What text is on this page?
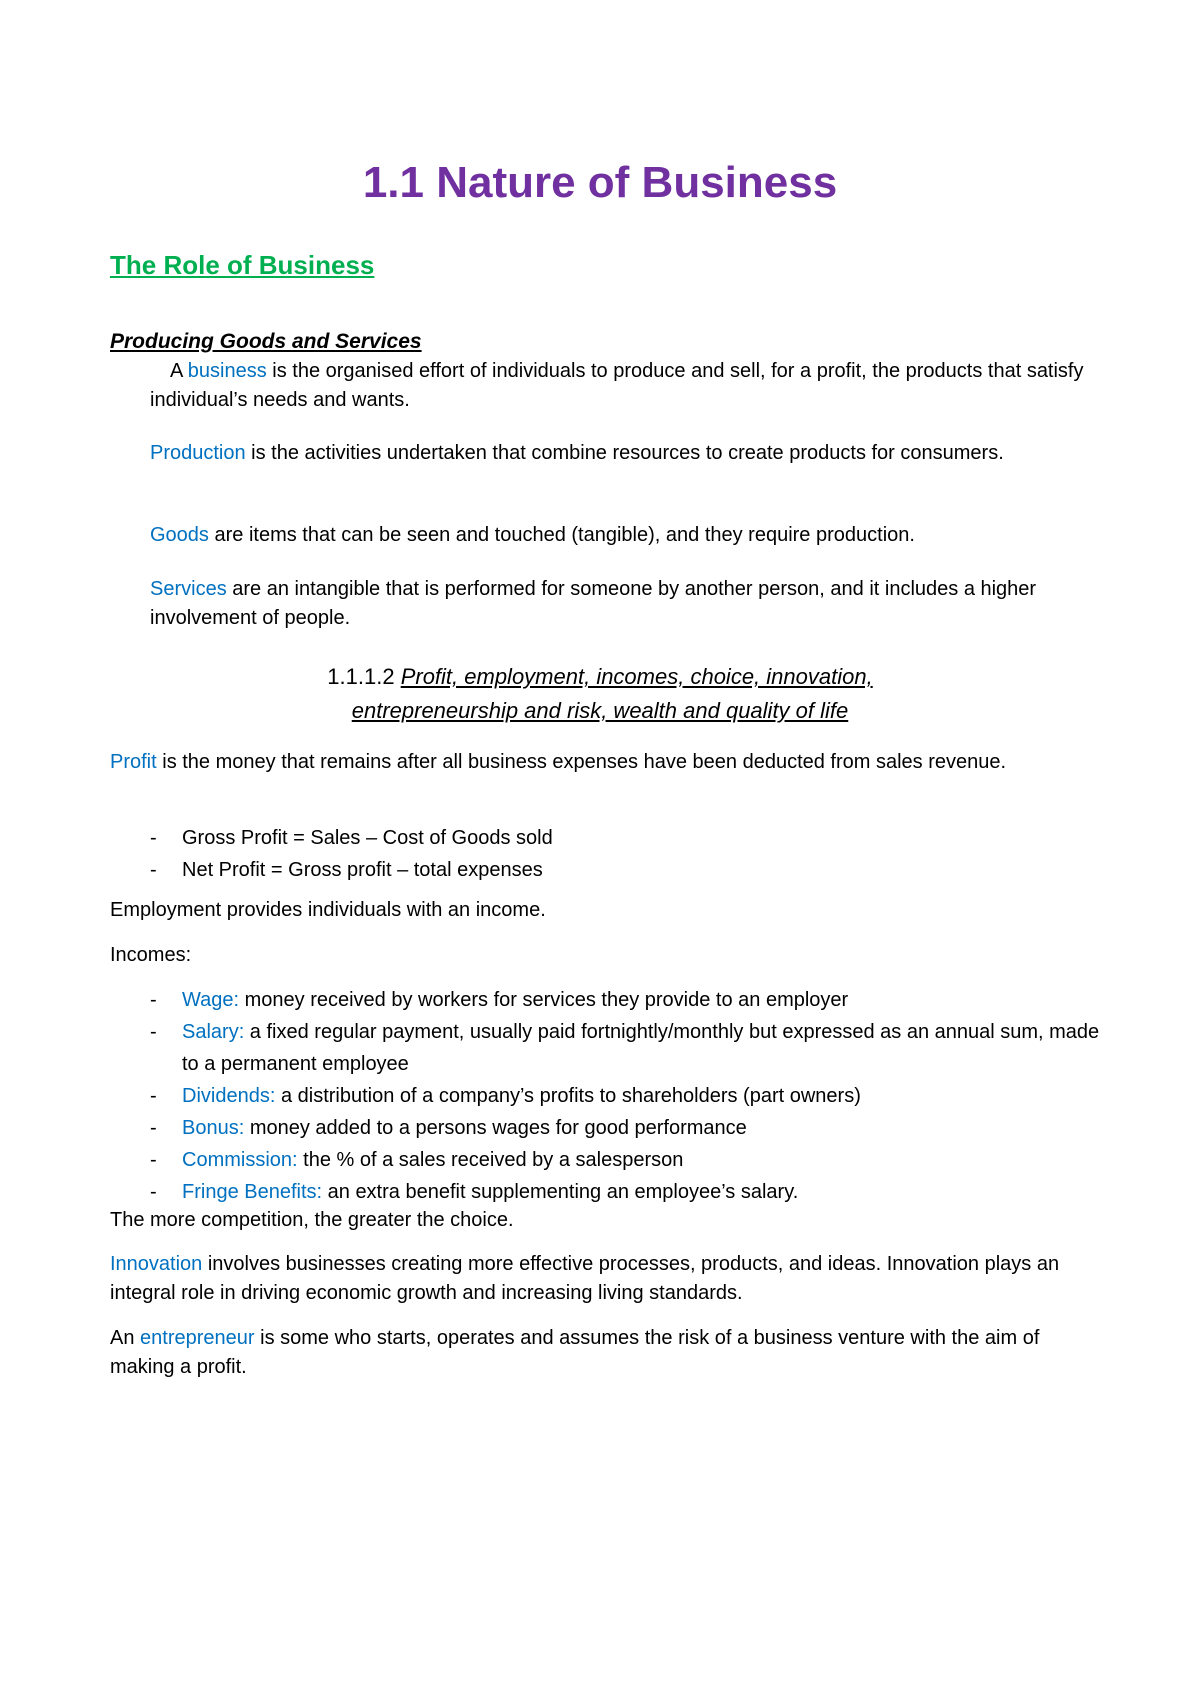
1.1 Nature of Business
The Role of Business
Producing Goods and Services

A business is the organised effort of individuals to produce and sell, for a profit, the products that satisfy individual’s needs and wants.

Production is the activities undertaken that combine resources to create products for consumers.

Goods are items that can be seen and touched (tangible), and they require production.

Services are an intangible that is performed for someone by another person, and it includes a higher involvement of people.

1.1.1.2 Profit, employment, incomes, choice, innovation,
entrepreneurship and risk, wealth and quality of life

Profit is the money that remains after all business expenses have been deducted from sales revenue.

- Gross Profit = Sales – Cost of Goods sold
- Net Profit = Gross profit – total expenses

Employment provides individuals with an income.

Incomes:

- Wage: money received by workers for services they provide to an employer
- Salary: a fixed regular payment, usually paid fortnightly/monthly but expressed as an annual sum, made to a permanent employee
- Dividends: a distribution of a company’s profits to shareholders (part owners)
- Bonus: money added to a persons wages for good performance
- Commission: the % of a sales received by a salesperson
- Fringe Benefits: an extra benefit supplementing an employee’s salary.

The more competition, the greater the choice.

Innovation involves businesses creating more effective processes, products, and ideas. Innovation plays an integral role in driving economic growth and increasing living standards.

An entrepreneur is some who starts, operates and assumes the risk of a business venture with the aim of making a profit.
